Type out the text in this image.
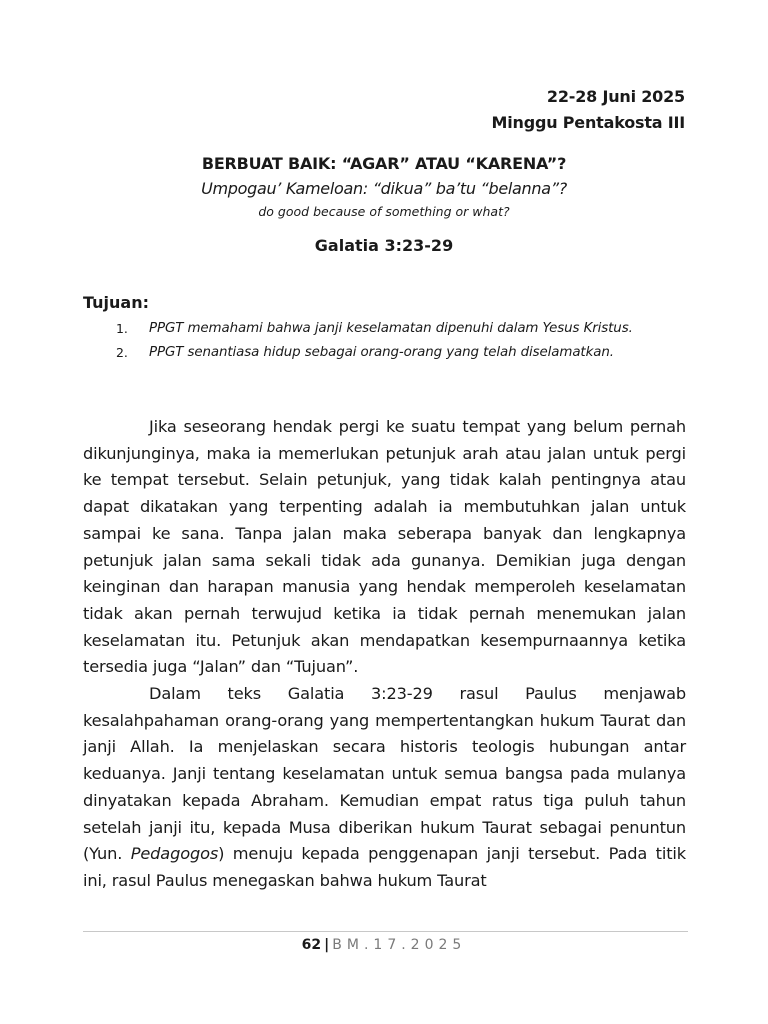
22-28 Juni 2025
Minggu Pentakosta III
BERBUAT BAIK: “AGAR” ATAU “KARENA”?
Umpogau’ Kameloan: “dikua” ba’tu “belanna”?
do good because of something or what?
Galatia 3:23-29
Tujuan:
1. PPGT memahami bahwa janji keselamatan dipenuhi dalam Yesus Kristus.
2. PPGT senantiasa hidup sebagai orang-orang yang telah diselamatkan.

Jika seseorang hendak pergi ke suatu tempat yang belum pernah dikunjunginya, maka ia memerlukan petunjuk arah atau jalan untuk pergi ke tempat tersebut. Selain petunjuk, yang tidak kalah pentingnya atau dapat dikatakan yang terpenting adalah ia membutuhkan jalan untuk sampai ke sana. Tanpa jalan maka seberapa banyak dan lengkapnya petunjuk jalan sama sekali tidak ada gunanya. Demikian juga dengan keinginan dan harapan manusia yang hendak memperoleh keselamatan tidak akan pernah terwujud ketika ia tidak pernah menemukan jalan keselamatan itu. Petunjuk akan mendapatkan kesempurnaannya ketika tersedia juga “Jalan” dan “Tujuan”.

Dalam teks Galatia 3:23-29 rasul Paulus menjawab kesalahpahaman orang-orang yang mempertentangkan hukum Taurat dan janji Allah. Ia menjelaskan secara historis teologis hubungan antar keduanya. Janji tentang keselamatan untuk semua bangsa pada mulanya dinyatakan kepada Abraham. Kemudian empat ratus tiga puluh tahun setelah janji itu, kepada Musa diberikan hukum Taurat sebagai penuntun (Yun. Pedagogos) menuju kepada penggenapan janji tersebut. Pada titik ini, rasul Paulus menegaskan bahwa hukum Taurat

62 | BM.17.2025
